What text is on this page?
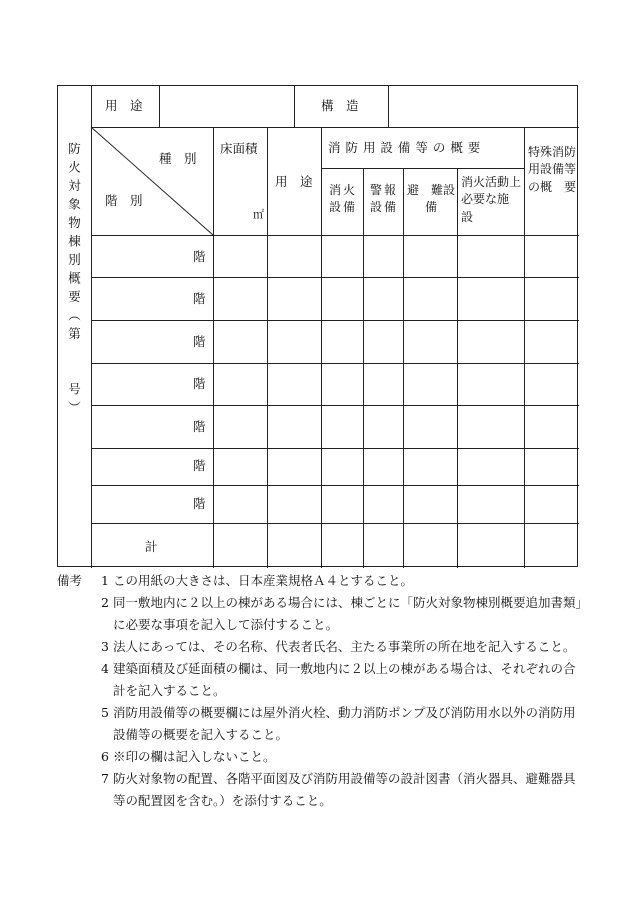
防火対象物棟別概要（第　　号）
用　途	構　造
種　別
階　別
床面積
㎡
用　途
消 防 用 設 備 等 の 概 要
消火設備
警報設備
避　難設　備
消火活動上必要な施　　設
特殊消防用設備等の概　要
階
階
階
階
階
階
階
計
備考 1 この用紙の大きさは、日本産業規格Ａ４とすること。
2 同一敷地内に２以上の棟がある場合には、棟ごとに「防火対象物棟別概要追加書類」に必要な事項を記入して添付すること。
3 法人にあっては、その名称、代表者氏名、主たる事業所の所在地を記入すること。
4 建築面積及び延面積の欄は、同一敷地内に２以上の棟がある場合は、それぞれの合計を記入すること。
5 消防用設備等の概要欄には屋外消火栓、動力消防ポンプ及び消防用水以外の消防用設備等の概要を記入すること。
6 ※印の欄は記入しないこと。
7 防火対象物の配置、各階平面図及び消防用設備等の設計図書（消火器具、避難器具等の配置図を含む。）を添付すること。
